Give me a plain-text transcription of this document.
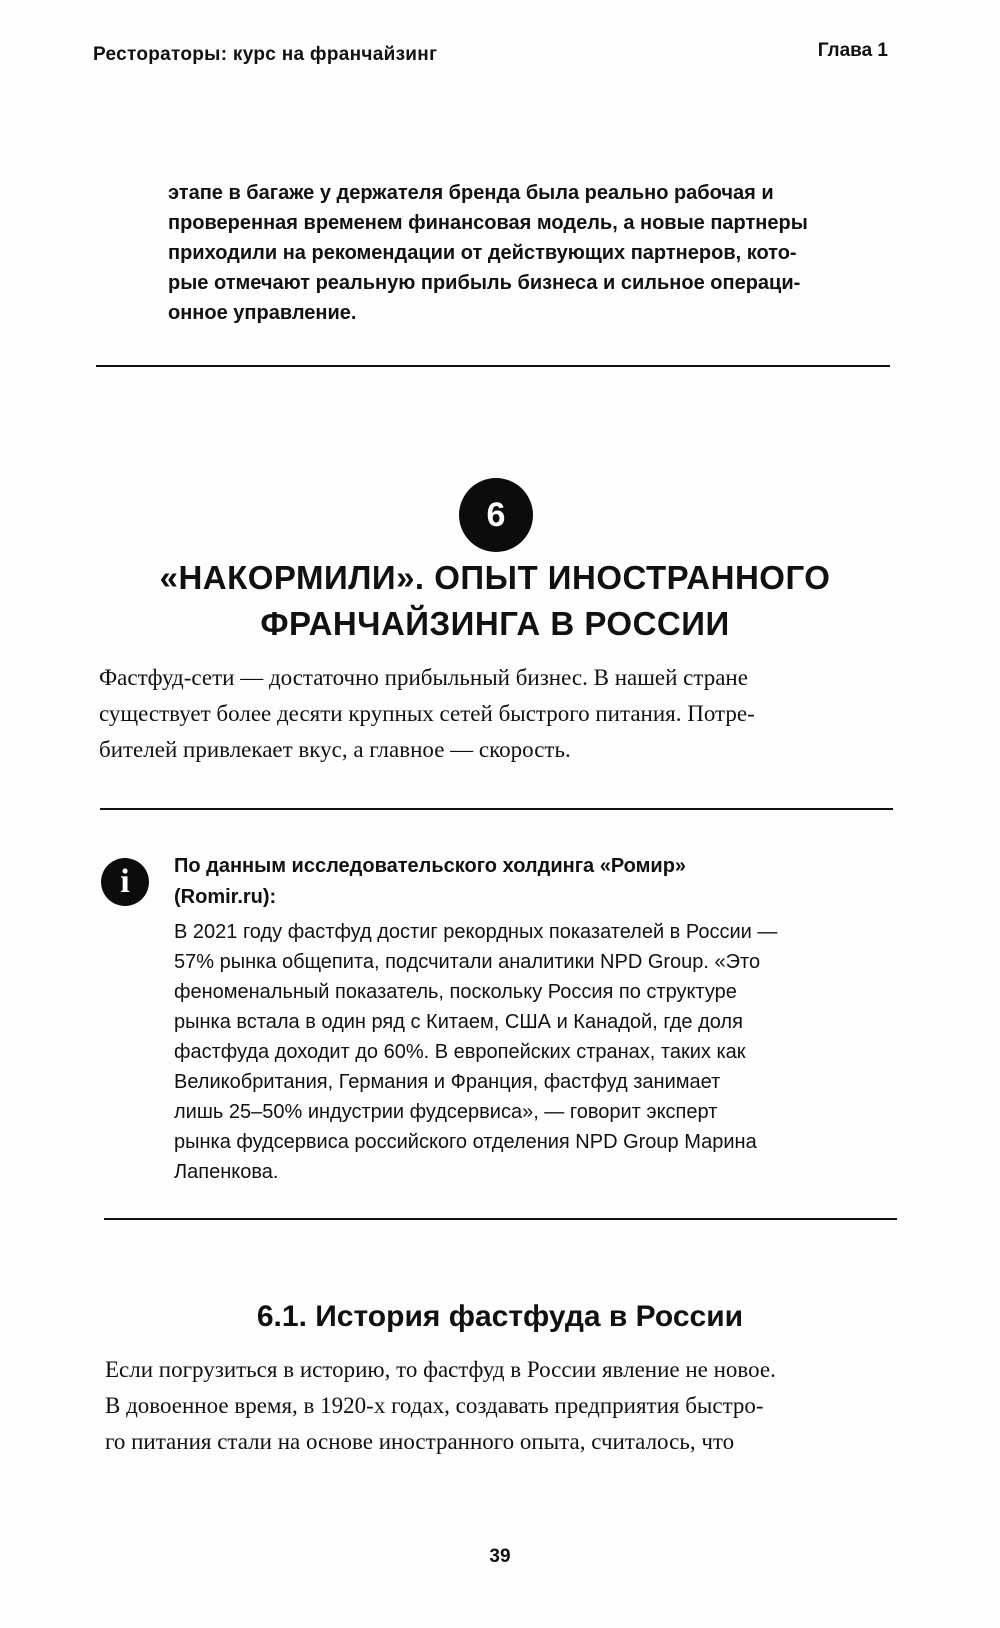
Рестораторы: курс на франчайзинг	Глава 1
этапе в багаже у держателя бренда была реально рабочая и
проверенная временем финансовая модель, а новые партнеры
приходили на рекомендации от действующих партнеров, кото-
рые отмечают реальную прибыль бизнеса и сильное операци-
онное управление.
6
«НАКОРМИЛИ». ОПЫТ ИНОСТРАННОГО
ФРАНЧАЙЗИНГА В РОССИИ
Фастфуд-сети — достаточно прибыльный бизнес. В нашей стране
существует более десяти крупных сетей быстрого питания. Потре-
бителей привлекает вкус, а главное — скорость.
i	По данным исследовательского холдинга «Ромир»
(Romir.ru):
В 2021 году фастфуд достиг рекордных показателей в России —
57% рынка общепита, подсчитали аналитики NPD Group. «Это
феноменальный показатель, поскольку Россия по структуре
рынка встала в один ряд с Китаем, США и Канадой, где доля
фастфуда доходит до 60%. В европейских странах, таких как
Великобритания, Германия и Франция, фастфуд занимает
лишь 25–50% индустрии фудсервиса», — говорит эксперт
рынка фудсервиса российского отделения NPD Group Марина
Лапенкова.
6.1. История фастфуда в России
Если погрузиться в историю, то фастфуд в России явление не новое.
В довоенное время, в 1920-х годах, создавать предприятия быстро-
го питания стали на основе иностранного опыта, считалось, что
39
